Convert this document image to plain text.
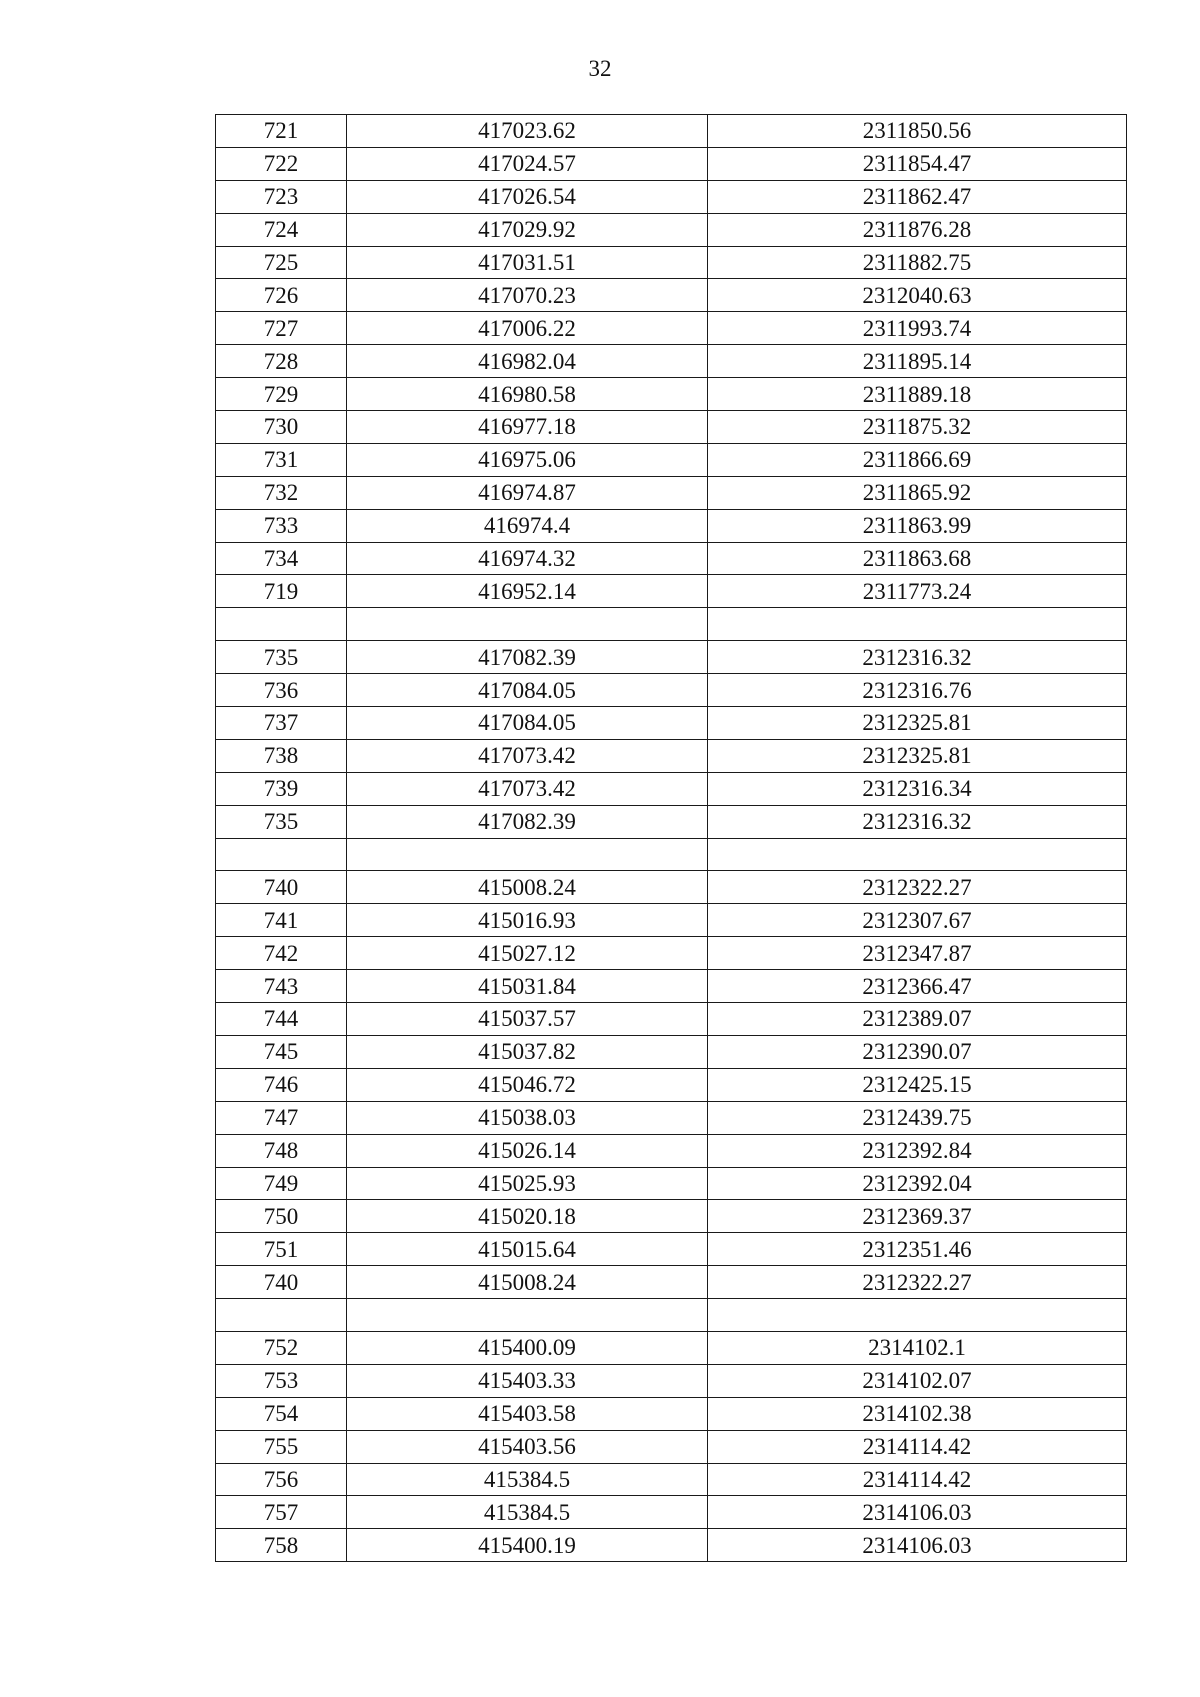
32
721	417023.62	2311850.56
722	417024.57	2311854.47
723	417026.54	2311862.47
724	417029.92	2311876.28
725	417031.51	2311882.75
726	417070.23	2312040.63
727	417006.22	2311993.74
728	416982.04	2311895.14
729	416980.58	2311889.18
730	416977.18	2311875.32
731	416975.06	2311866.69
732	416974.87	2311865.92
733	416974.4	2311863.99
734	416974.32	2311863.68
719	416952.14	2311773.24

735	417082.39	2312316.32
736	417084.05	2312316.76
737	417084.05	2312325.81
738	417073.42	2312325.81
739	417073.42	2312316.34
735	417082.39	2312316.32

740	415008.24	2312322.27
741	415016.93	2312307.67
742	415027.12	2312347.87
743	415031.84	2312366.47
744	415037.57	2312389.07
745	415037.82	2312390.07
746	415046.72	2312425.15
747	415038.03	2312439.75
748	415026.14	2312392.84
749	415025.93	2312392.04
750	415020.18	2312369.37
751	415015.64	2312351.46
740	415008.24	2312322.27

752	415400.09	2314102.1
753	415403.33	2314102.07
754	415403.58	2314102.38
755	415403.56	2314114.42
756	415384.5	2314114.42
757	415384.5	2314106.03
758	415400.19	2314106.03
